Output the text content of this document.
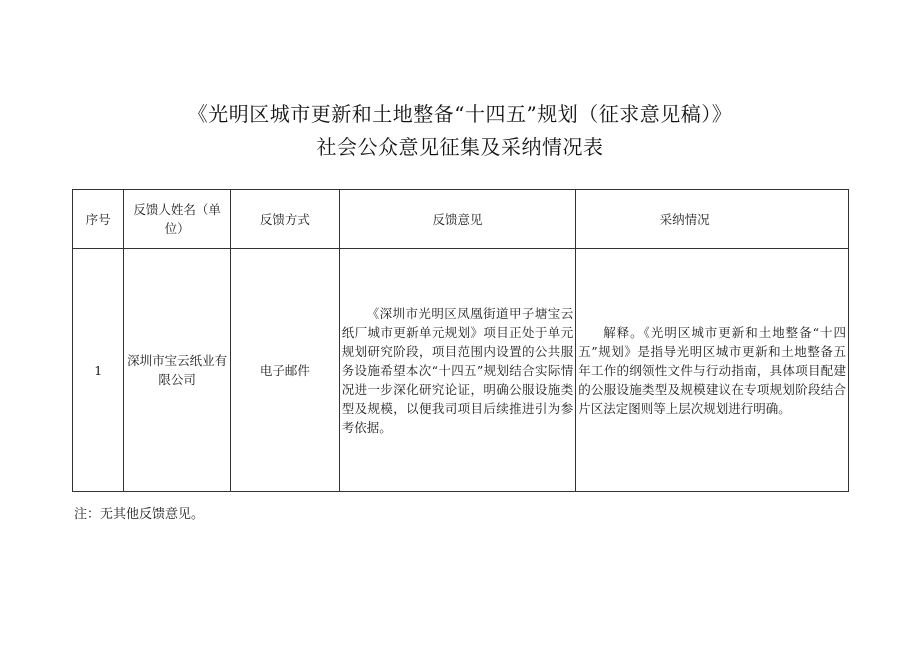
《光明区城市更新和土地整备“十四五”规划（征求意见稿）》
社会公众意见征集及采纳情况表
序号	反馈人姓名（单位）	反馈方式	反馈意见	采纳情况
1	深圳市宝云纸业有限公司	电子邮件	《深圳市光明区凤凰街道甲子塘宝云纸厂城市更新单元规划》项目正处于单元规划研究阶段，项目范围内设置的公共服务设施希望本次“十四五”规划结合实际情况进一步深化研究论证，明确公服设施类型及规模，以便我司项目后续推进引为参考依据。	解释。《光明区城市更新和土地整备“十四五”规划》是指导光明区城市更新和土地整备五年工作的纲领性文件与行动指南，具体项目配建的公服设施类型及规模建议在专项规划阶段结合片区法定图则等上层次规划进行明确。

注：无其他反馈意见。
